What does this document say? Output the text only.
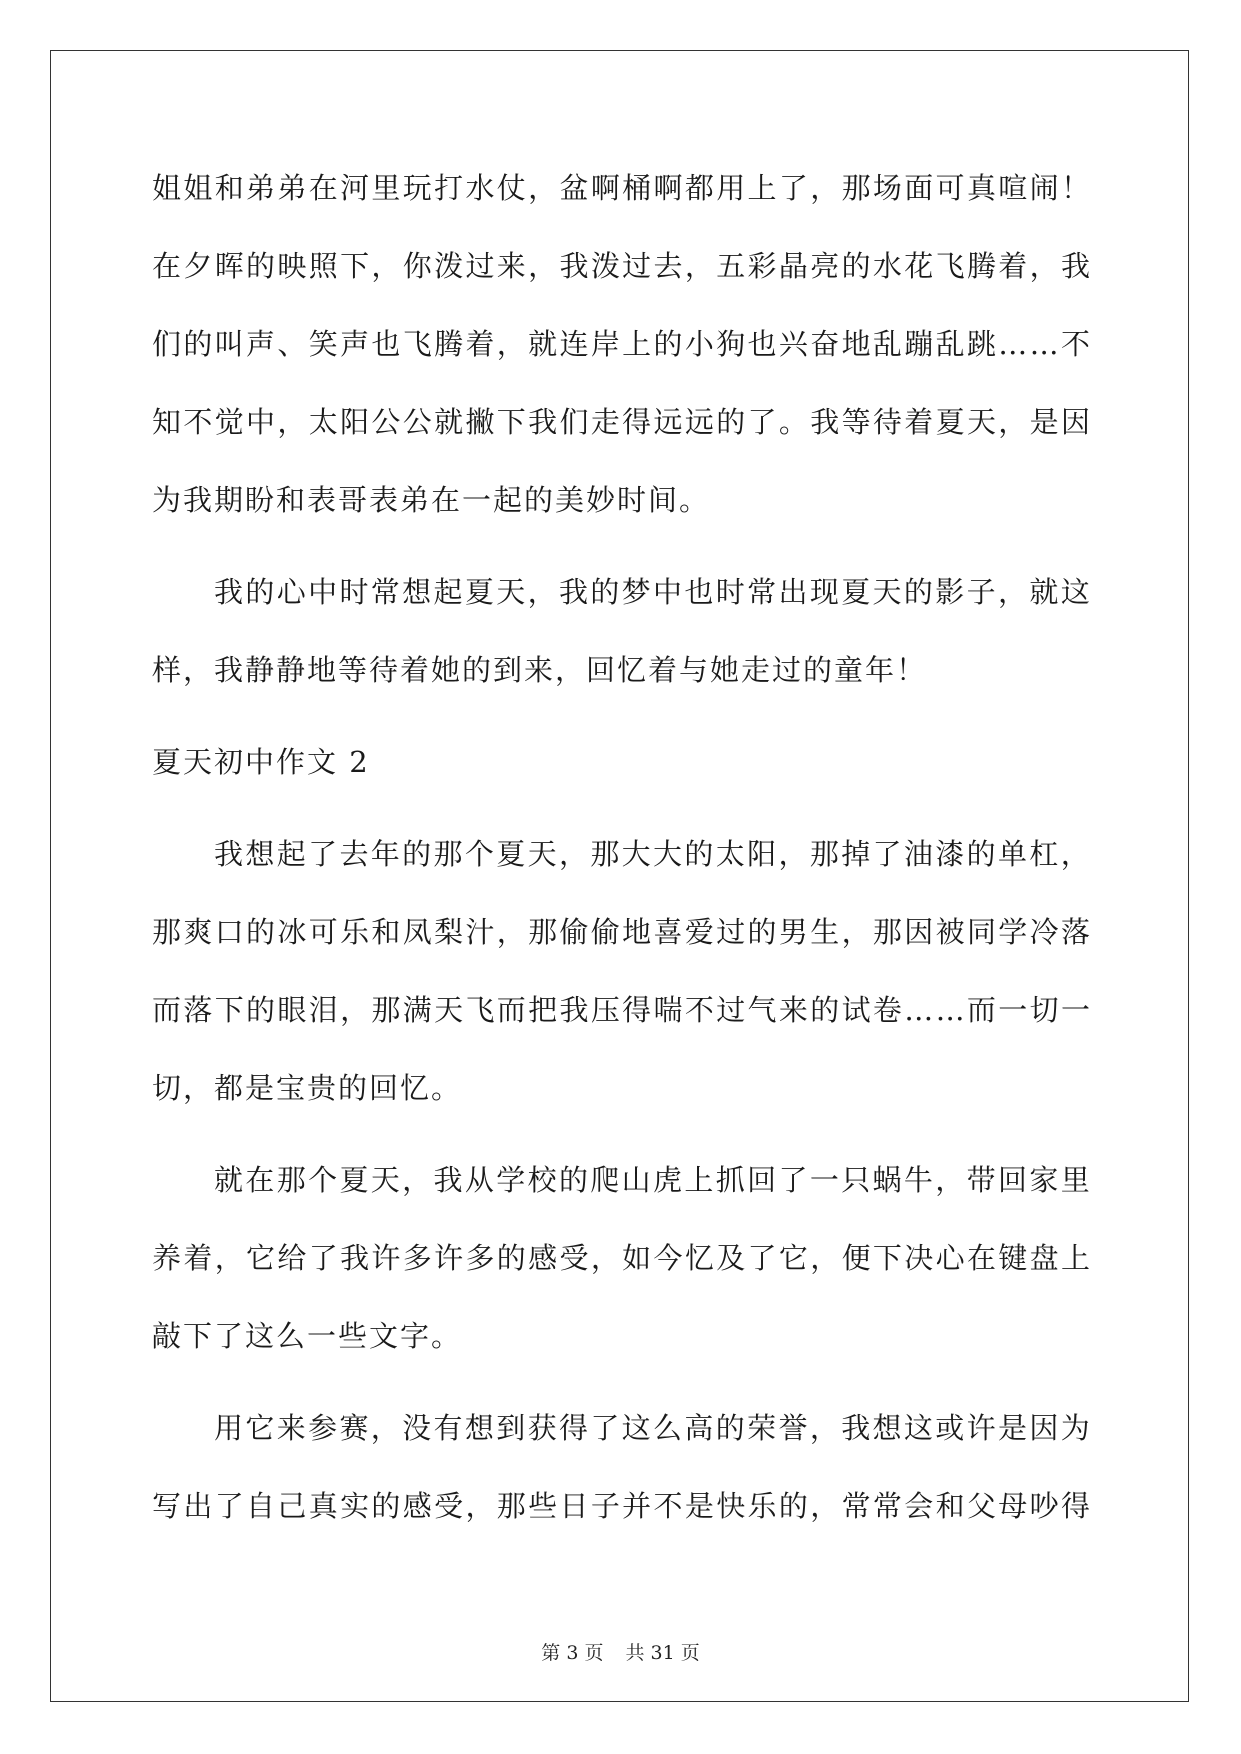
姐 姐 和 弟 弟 在 河 里 玩 打 水 仗 ， 盆 啊 桶 啊 都 用 上 了 ， 那 场 面 可 真 喧 闹 ！
在 夕 晖 的 映 照 下 ， 你 泼 过 来 ， 我 泼 过 去 ， 五 彩 晶 亮 的 水 花 飞 腾 着 ， 我
们 的 叫 声 、 笑 声 也 飞 腾 着 ， 就 连 岸 上 的 小 狗 也 兴 奋 地 乱 蹦 乱 跳 … … 不
知 不 觉 中 ， 太 阳 公 公 就 撇 下 我 们 走 得 远 远 的 了 。 我 等 待 着 夏 天 ， 是 因
为我期盼和表哥表弟在一起的美妙时间。
我 的 心 中 时 常 想 起 夏 天 ， 我 的 梦 中 也 时 常 出 现 夏 天 的 影 子 ， 就 这
样，我静静地等待着她的到来，回忆着与她走过的童年！
夏天初中作文 2
我 想 起 了 去 年 的 那 个 夏 天 ， 那 大 大 的 太 阳 ， 那 掉 了 油 漆 的 单 杠 ，
那 爽 口 的 冰 可 乐 和 凤 梨 汁 ， 那 偷 偷 地 喜 爱 过 的 男 生 ， 那 因 被 同 学 冷 落
而 落 下 的 眼 泪 ， 那 满 天 飞 而 把 我 压 得 喘 不 过 气 来 的 试 卷 … … 而 一 切 一
切，都是宝贵的回忆。
就 在 那 个 夏 天 ， 我 从 学 校 的 爬 山 虎 上 抓 回 了 一 只 蜗 牛 ， 带 回 家 里
养 着 ， 它 给 了 我 许 多 许 多 的 感 受 ， 如 今 忆 及 了 它 ， 便 下 决 心 在 键 盘 上
敲下了这么一些文字。
用 它 来 参 赛 ， 没 有 想 到 获 得 了 这 么 高 的 荣 誉 ， 我 想 这 或 许 是 因 为
写 出 了 自 己 真 实 的 感 受 ， 那 些 日 子 并 不 是 快 乐 的 ， 常 常 会 和 父 母 吵 得
第 3 页 共 31 页
